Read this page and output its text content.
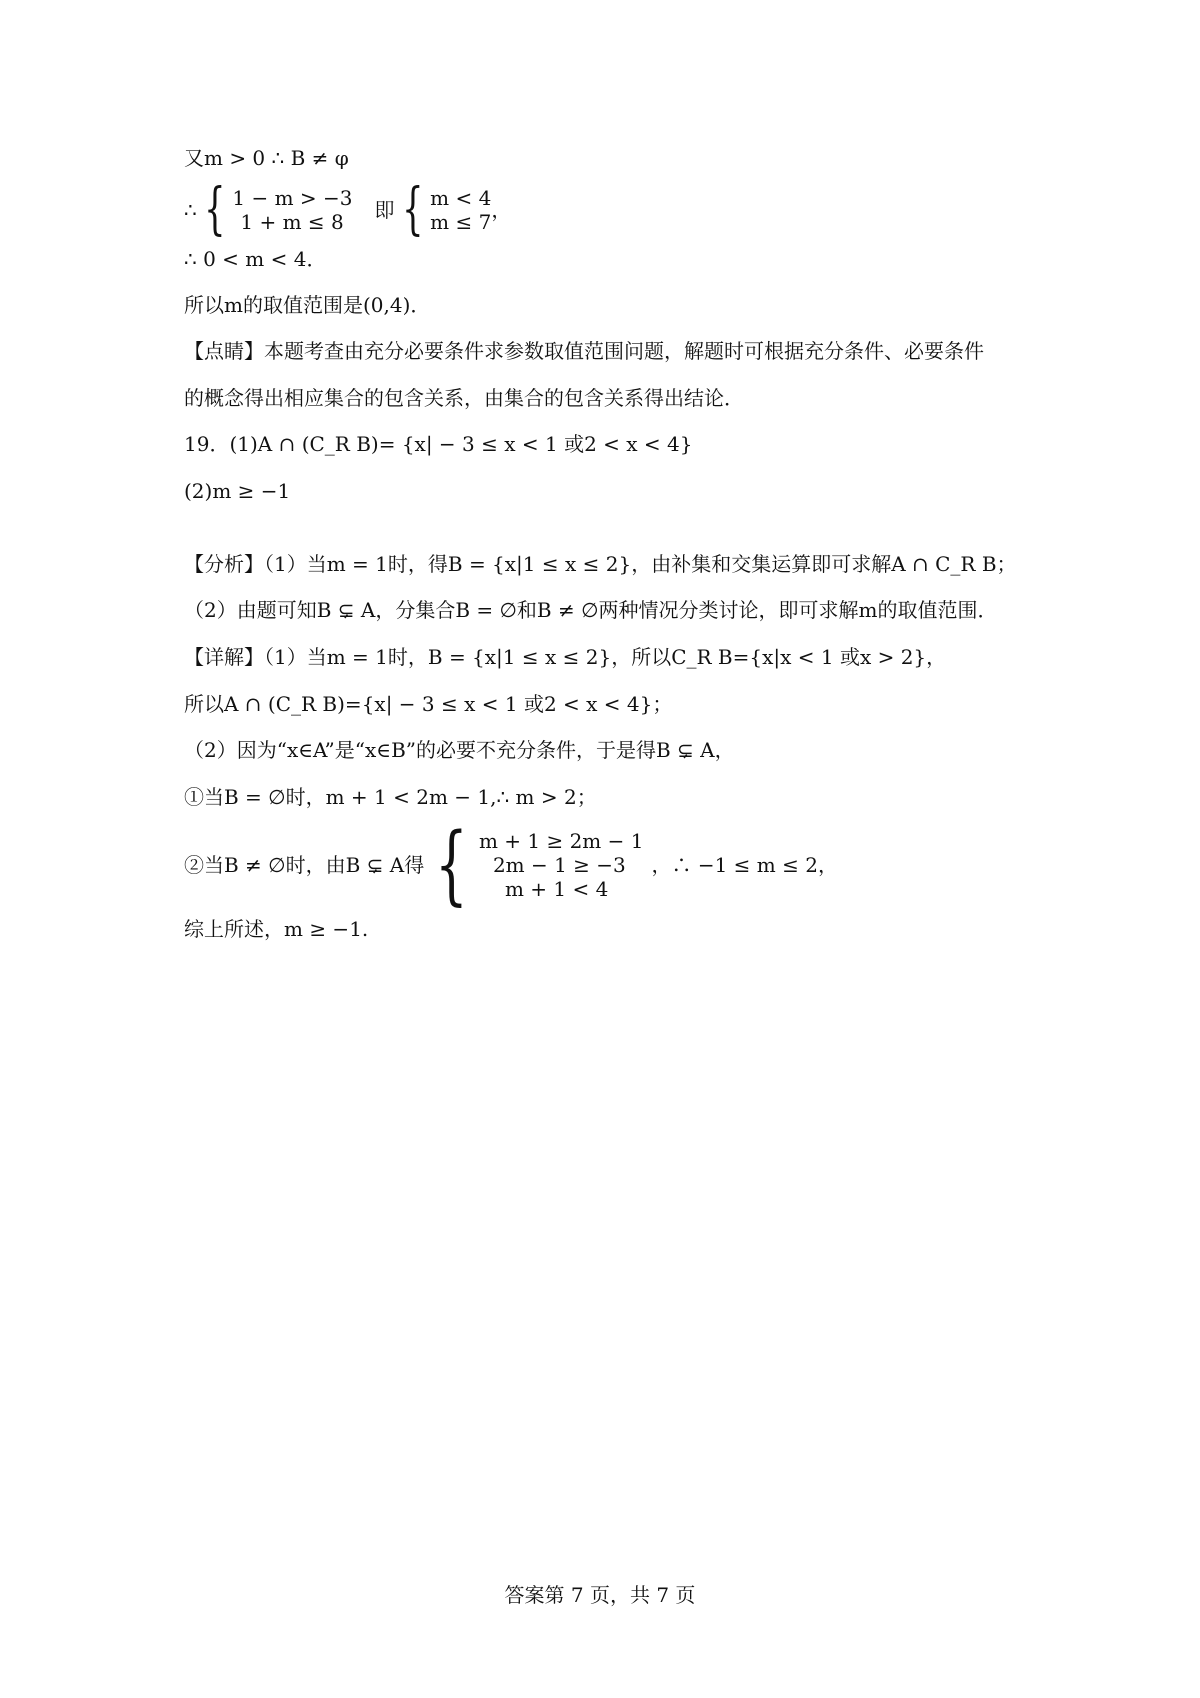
又m > 0 ∴ B ≠ φ
∴ { 1 − m > −3
1 + m ≤ 8	即 { m < 4
m ≤ 7 ，
∴ 0 < m < 4．
所以m的取值范围是(0,4)．
【点睛】本题考查由充分必要条件求参数取值范围问题，解题时可根据充分条件、必要条件
的概念得出相应集合的包含关系，由集合的包含关系得出结论．
19．(1)A ∩ (C_R B)= {x| − 3 ≤ x < 1 或2 < x < 4}
(2)m ≥ −1
【分析】（1）当m = 1时，得B = {x|1 ≤ x ≤ 2}，由补集和交集运算即可求解A ∩ C_R B；
（2）由题可知B ⊊ A，分集合B = ∅和B ≠ ∅两种情况分类讨论，即可求解m的取值范围．
【详解】（1）当m = 1时，B = {x|1 ≤ x ≤ 2}，所以C_R B={x|x < 1 或x > 2}，
所以A ∩ (C_R B)={x| − 3 ≤ x < 1 或2 < x < 4}；
（2）因为“x∈A”是“x∈B”的必要不充分条件，于是得B ⊊ A，
①当B = ∅时，m + 1 < 2m − 1,∴ m > 2；
②当B ≠ ∅时，由B ⊊ A得 { m + 1 ≥ 2m − 1
2m − 1 ≥ −3
m + 1 < 4
，∴ −1 ≤ m ≤ 2，
综上所述，m ≥ −1.
答案第 7 页，共 7 页
